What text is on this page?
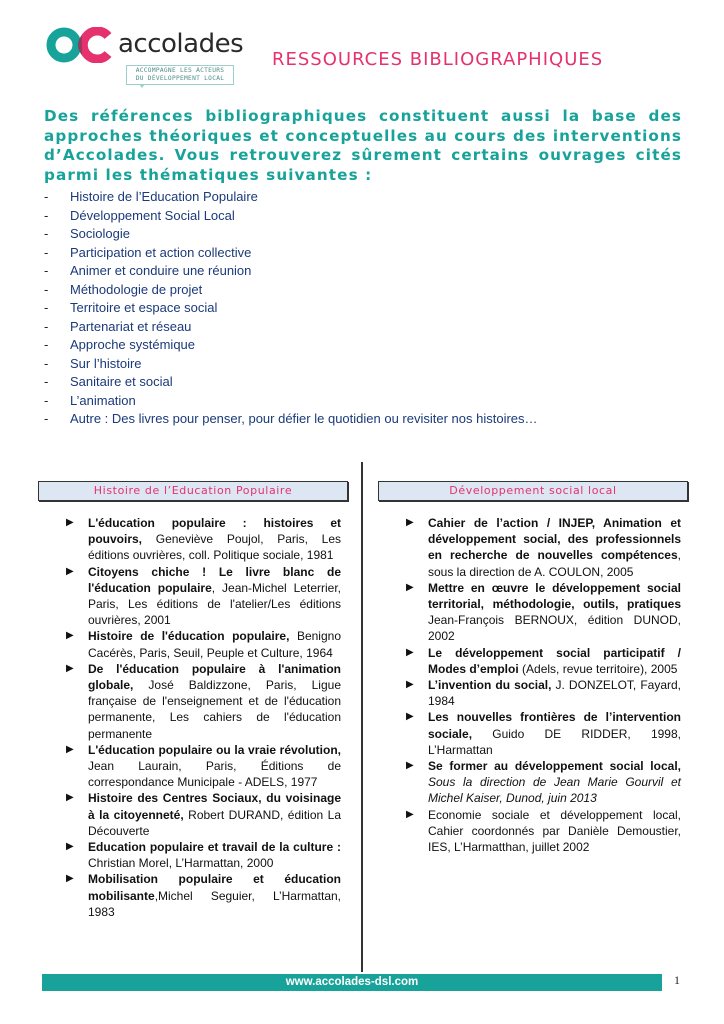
accolades
ACCOMPAGNE LES ACTEURS
DU DÉVELOPPEMENT LOCAL
RESSOURCES BIBLIOGRAPHIQUES
Des références bibliographiques constituent aussi la base des approches théoriques et conceptuelles au cours des interventions d’Accolades. Vous retrouverez sûrement certains ouvrages cités parmi les thématiques suivantes :
- Histoire de l’Education Populaire
- Développement Social Local
- Sociologie
- Participation et action collective
- Animer et conduire une réunion
- Méthodologie de projet
- Territoire et espace social
- Partenariat et réseau
- Approche systémique
- Sur l’histoire
- Sanitaire et social
- L’animation
- Autre : Des livres pour penser, pour défier le quotidien ou revisiter nos histoires…
Histoire de l’Education Populaire
▶ L'éducation populaire : histoires et pouvoirs, Geneviève Poujol, Paris, Les éditions ouvrières, coll. Politique sociale, 1981
▶ Citoyens chiche ! Le livre blanc de l'éducation populaire, Jean-Michel Leterrier, Paris, Les éditions de l'atelier/Les éditions ouvrières, 2001
▶ Histoire de l'éducation populaire, Benigno Cacérès, Paris, Seuil, Peuple et Culture, 1964
▶ De l'éducation populaire à l'animation globale, José Baldizzone, Paris, Ligue française de l'enseignement et de l'éducation permanente, Les cahiers de l'éducation permanente
▶ L'éducation populaire ou la vraie révolution, Jean Laurain, Paris, Éditions de correspondance Municipale - ADELS, 1977
▶ Histoire des Centres Sociaux, du voisinage à la citoyenneté, Robert DURAND, édition La Découverte
▶ Education populaire et travail de la culture : Christian Morel, L’Harmattan, 2000
▶ Mobilisation populaire et éducation mobilisante,Michel Seguier, L’Harmattan, 1983
Développement social local
▶ Cahier de l’action / INJEP, Animation et développement social, des professionnels en recherche de nouvelles compétences, sous la direction de A. COULON, 2005
▶ Mettre en œuvre le développement social territorial, méthodologie, outils, pratiques Jean-François BERNOUX, édition DUNOD, 2002
▶ Le développement social participatif / Modes d’emploi (Adels, revue territoire), 2005
▶ L’invention du social, J. DONZELOT, Fayard, 1984
▶ Les nouvelles frontières de l’intervention sociale, Guido DE RIDDER, 1998, L’Harmattan
▶ Se former au développement social local, Sous la direction de Jean Marie Gourvil et Michel Kaiser, Dunod, juin 2013
▶ Economie sociale et développement local, Cahier coordonnés par Danièle Demoustier, IES, L’Harmatthan, juillet 2002
www.accolades-dsl.com	1
